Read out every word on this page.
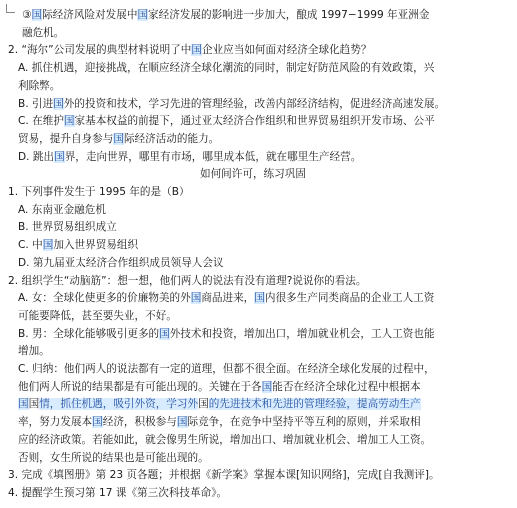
③国际经济风险对发展中国家经济发展的影响进一步加大，酿成 1997−1999 年亚洲金
融危机。
2. “海尔”公司发展的典型材料说明了中国企业应当如何面对经济全球化趋势？
A. 抓住机遇，迎接挑战，在顺应经济全球化潮流的同时，制定好防范风险的有效政策，兴
利除弊。
B. 引进国外的投资和技术，学习先进的管理经验，改善内部经济结构，促进经济高速发展。
C. 在维护国家基本权益的前提下，通过亚太经济合作组织和世界贸易组织开发市场、公平
贸易，提升自身参与国际经济活动的能力。
D. 跳出国界，走向世界，哪里有市场，哪里成本低，就在哪里生产经营。
如何间许可，练习巩固
1. 下列事件发生于 1995 年的是（B）
A. 东南亚金融危机
B. 世界贸易组织成立
C. 中国加入世界贸易组织
D. 第九届亚太经济合作组织成员领导人会议
2. 组织学生“动脑筋”：想一想，他们两人的说法有没有道理?说说你的看法。
A. 女：全球化使更多的价廉物美的外国商品进来，国内很多生产同类商品的企业工人工资
可能要降低，甚至要失业，不好。
B. 男：全球化能够吸引更多的国外技术和投资，增加出口，增加就业机会，工人工资也能
增加。
C. 归纳：他们两人的说法都有一定的道理，但都不很全面。在经济全球化发展的过程中，
他们两人所说的结果都是有可能出现的。关键在于各国能否在经济全球化过程中根据本
国国情，抓住机遇，吸引外资，学习外国的先进技术和先进的管理经验，提高劳动生产
率，努力发展本国经济，积极参与国际竞争，在竞争中坚持平等互利的原则，并采取相
应的经济政策。若能如此，就会像男生所说，增加出口、增加就业机会、增加工人工资。
否则，女生所说的结果也是可能出现的。
3. 完成《填图册》第 23 页各题；并根据《新学案》掌握本课[知识网络]，完成[自我测评]。
4. 提醒学生预习第 17 课《第三次科技革命》。
